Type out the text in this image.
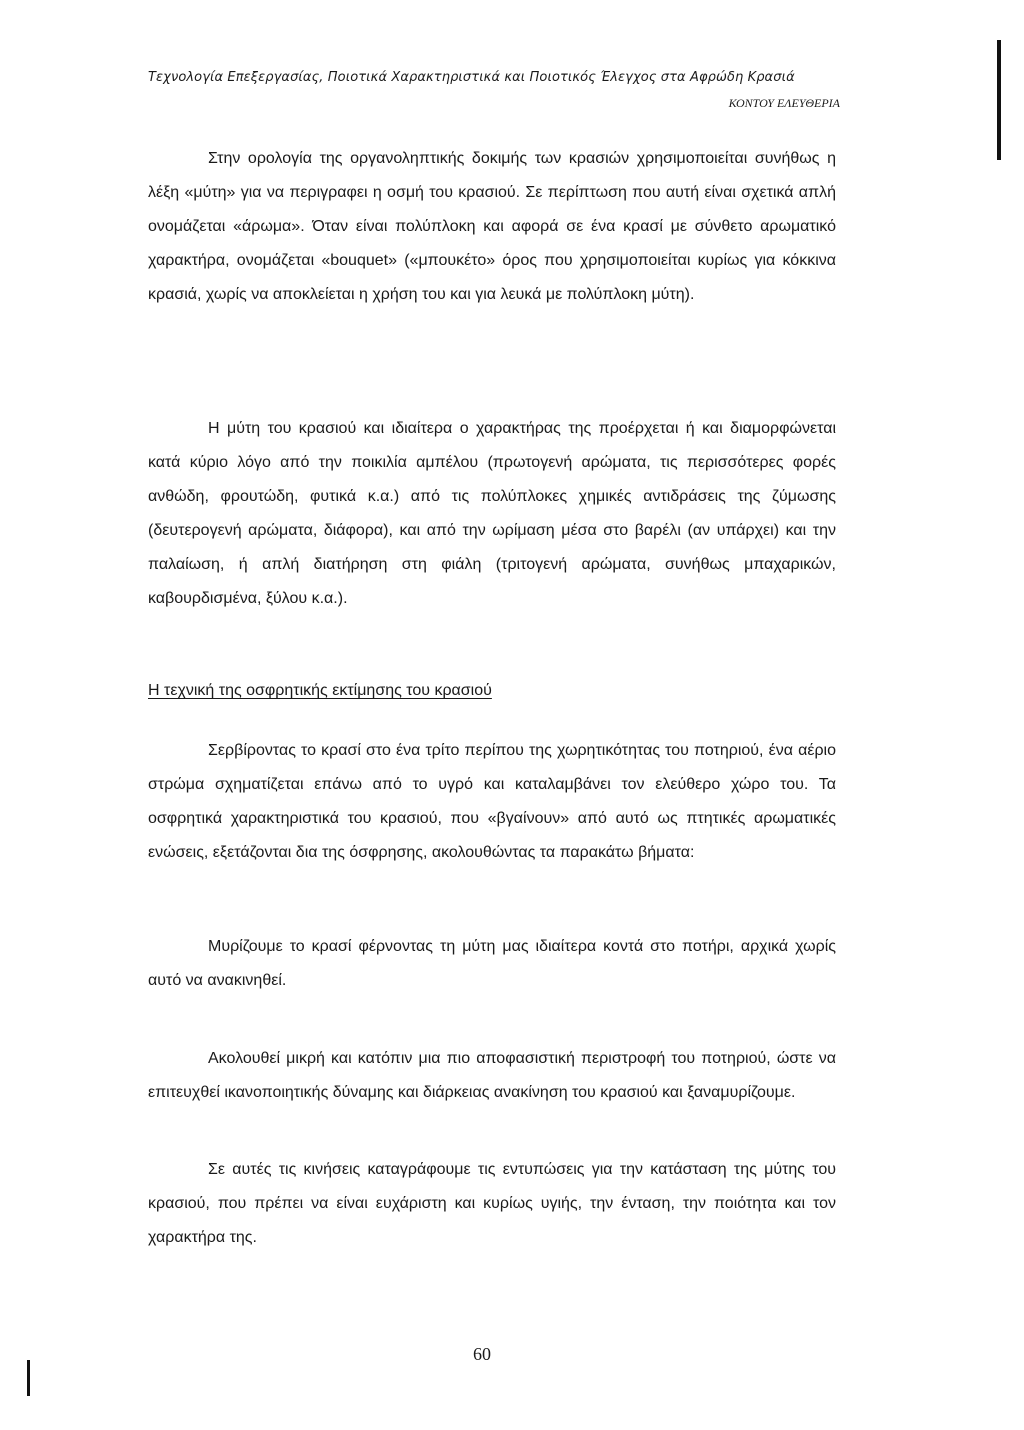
Τεχνολογία Επεξεργασίας, Ποιοτικά Χαρακτηριστικά και Ποιοτικός Έλεγχος στα Αφρώδη Κρασιά
ΚΟΝΤΟΥ ΕΛΕΥΘΕΡΙΑ

Στην ορολογία της οργανοληπτικής δοκιμής των κρασιών χρησιμοποιείται συνήθως η λέξη «μύτη» για να περιγραφει η οσμή του κρασιού. Σε περίπτωση που αυτή είναι σχετικά απλή ονομάζεται «άρωμα». Όταν είναι πολύπλοκη και αφορά σε ένα κρασί με σύνθετο αρωματικό χαρακτήρα, ονομάζεται «bouquet» («μπουκέτο» όρος που χρησιμοποιείται κυρίως για κόκκινα κρασιά, χωρίς να αποκλείεται η χρήση του και για λευκά με πολύπλοκη μύτη).

Η μύτη του κρασιού και ιδιαίτερα ο χαρακτήρας της προέρχεται ή και διαμορφώνεται κατά κύριο λόγο από την ποικιλία αμπέλου (πρωτογενή αρώματα, τις περισσότερες φορές ανθώδη, φρουτώδη, φυτικά κ.α.) από τις πολύπλοκες χημικές αντιδράσεις της ζύμωσης (δευτερογενή αρώματα, διάφορα), και από την ωρίμαση μέσα στο βαρέλι (αν υπάρχει) και την παλαίωση, ή απλή διατήρηση στη φιάλη (τριτογενή αρώματα, συνήθως μπαχαρικών, καβουρδισμένα, ξύλου κ.α.).

Η τεχνική της οσφρητικής εκτίμησης του κρασιού

Σερβίροντας το κρασί στο ένα τρίτο περίπου της χωρητικότητας του ποτηριού, ένα αέριο στρώμα σχηματίζεται επάνω από το υγρό και καταλαμβάνει τον ελεύθερο χώρο του. Τα οσφρητικά χαρακτηριστικά του κρασιού, που «βγαίνουν» από αυτό ως πτητικές αρωματικές ενώσεις, εξετάζονται δια της όσφρησης, ακολουθώντας τα παρακάτω βήματα:

Μυρίζουμε το κρασί φέρνοντας τη μύτη μας ιδιαίτερα κοντά στο ποτήρι, αρχικά χωρίς αυτό να ανακινηθεί.

Ακολουθεί μικρή και κατόπιν μια πιο αποφασιστική περιστροφή του ποτηριού, ώστε να επιτευχθεί ικανοποιητικής δύναμης και διάρκειας ανακίνηση του κρασιού και ξαναμυρίζουμε.

Σε αυτές τις κινήσεις καταγράφουμε τις εντυπώσεις για την κατάσταση της μύτης του κρασιού, που πρέπει να είναι ευχάριστη και κυρίως υγιής, την ένταση, την ποιότητα και τον χαρακτήρα της.

60
